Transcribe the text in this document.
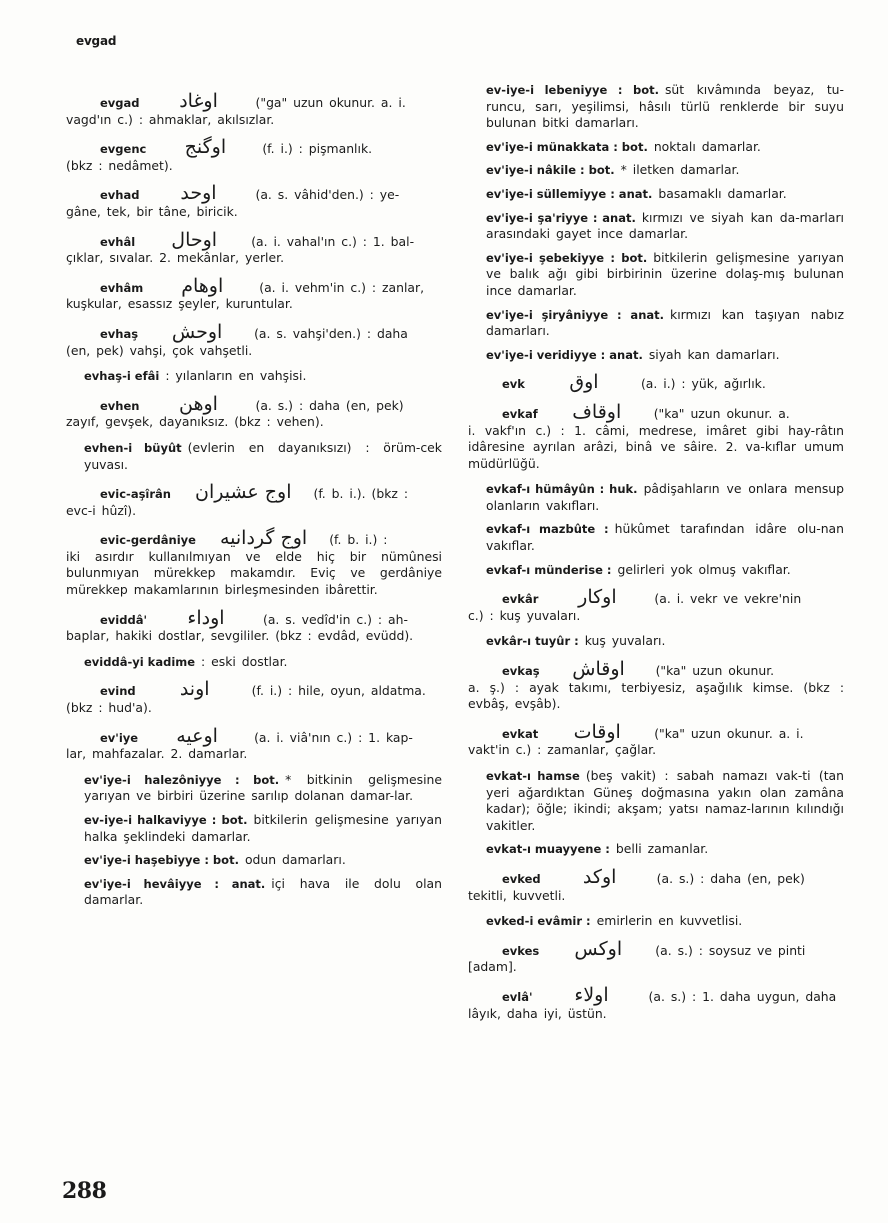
evgad
evgad	اوغاد	("ga" uzun okunur. a. i.
vagd'ın c.) : ahmaklar, akılsızlar.
evgenc	اوگنج	(f. i.) : pişmanlık.
(bkz : nedâmet).
evhad	اوحد	(a. s. vâhid'den.) : ye-
gâne, tek, bir tâne, biricik.
evhâl	اوحال	(a. i. vahal'ın c.) : 1. bal-
çıklar, sıvalar. 2. mekânlar, yerler.
evhâm	اوهام	(a. i. vehm'in c.) : zanlar,
kuşkular, esassız şeyler, kuruntular.
evhaş	اوحش	(a. s. vahşi'den.) : daha
(en, pek) vahşi, çok vahşetli.
evhaş-i efâi : yılanların en vahşisi.
evhen	اوهن	(a. s.) : daha (en, pek)
zayıf, gevşek, dayanıksız. (bkz : vehen).
evhen-i büyût (evlerin en dayanıksızı) : örüm-cek yuvası.
evic-aşîrân اوج عشيران (f. b. i.). (bkz :
evc-i hûzî).
evic-gerdâniye اوج گردانيه (f. b. i.) :
iki asırdır kullanılmıyan ve elde hiç bir nümûnesi bulunmıyan mürekkep makamdır. Eviç ve gerdâniye mürekkep makamlarının birleşmesinden ibârettir.
eviddâ'	اوداء	(a. s. vedîd'in c.) : ah-
baplar, hakiki dostlar, sevgililer. (bkz : evdâd, evüdd).
eviddâ-yi kadime : eski dostlar.
evind	اوند	(f. i.) : hile, oyun, aldatma.
(bkz : hud'a).
ev'iye	اوعيه	(a. i. viâ'nın c.) : 1. kap-
lar, mahfazalar. 2. damarlar.
ev'iye-i halezôniyye : bot. * bitkinin gelişmesine yarıyan ve birbiri üzerine sarılıp dolanan damar-lar.
ev-iye-i halkaviyye : bot. bitkilerin gelişmesine yarıyan halka şeklindeki damarlar.
ev'iye-i haşebiyye : bot. odun damarları.
ev'iye-i hevâiyye : anat. içi hava ile dolu olan damarlar.
ev-iye-i lebeniyye : bot. süt kıvâmında beyaz, tu-runcu, sarı, yeşilimsi, hâsılı türlü renklerde bir suyu bulunan bitki damarları.
ev'iye-i münakkata : bot. noktalı damarlar.
ev'iye-i nâkile : bot. * iletken damarlar.
ev'iye-i süllemiyye : anat. basamaklı damarlar.
ev'iye-i şa'riyye : anat. kırmızı ve siyah kan da-marları arasındaki gayet ince damarlar.
ev'iye-i şebekiyye : bot. bitkilerin gelişmesine yarıyan ve balık ağı gibi birbirinin üzerine dolaş-mış bulunan ince damarlar.
ev'iye-i şiryâniyye : anat. kırmızı kan taşıyan nabız damarları.
ev'iye-i veridiyye : anat. siyah kan damarları.
evk	اوق	(a. i.) : yük, ağırlık.
evkaf	اوقاف	("ka" uzun okunur. a.
i. vakf'ın c.) : 1. câmi, medrese, imâret gibi hay-râtın idâresine ayrılan arâzi, binâ ve sâire. 2. va-kıflar umum müdürlüğü.
evkaf-ı hümâyûn : huk. pâdişahların ve onlara mensup olanların vakıfları.
evkaf-ı mazbûte : hükûmet tarafından idâre olu-nan vakıflar.
evkaf-ı münderise : gelirleri yok olmuş vakıflar.
evkâr	اوكار	(a. i. vekr ve vekre'nin
c.) : kuş yuvaları.
evkâr-ı tuyûr : kuş yuvaları.
evkaş	اوقاش	("ka" uzun okunur.
a. ş.) : ayak takımı, terbiyesiz, aşağılık kimse. (bkz : evbâş, evşâb).
evkat	اوقات	("ka" uzun okunur. a. i.
vakt'in c.) : zamanlar, çağlar.
evkat-ı hamse (beş vakit) : sabah namazı vak-ti (tan yeri ağardıktan Güneş doğmasına yakın olan zamâna kadar); öğle; ikindi; akşam; yatsı namaz-larının kılındığı vakitler.
evkat-ı muayyene : belli zamanlar.
evked	اوكد	(a. s.) : daha (en, pek)
tekitli, kuvvetli.
evked-i evâmir : emirlerin en kuvvetlisi.
evkes	اوكس	(a. s.) : soysuz ve pinti
[adam].
evlâ'	اولاء	(a. s.) : 1. daha uygun, daha
lâyık, daha iyi, üstün.
288
